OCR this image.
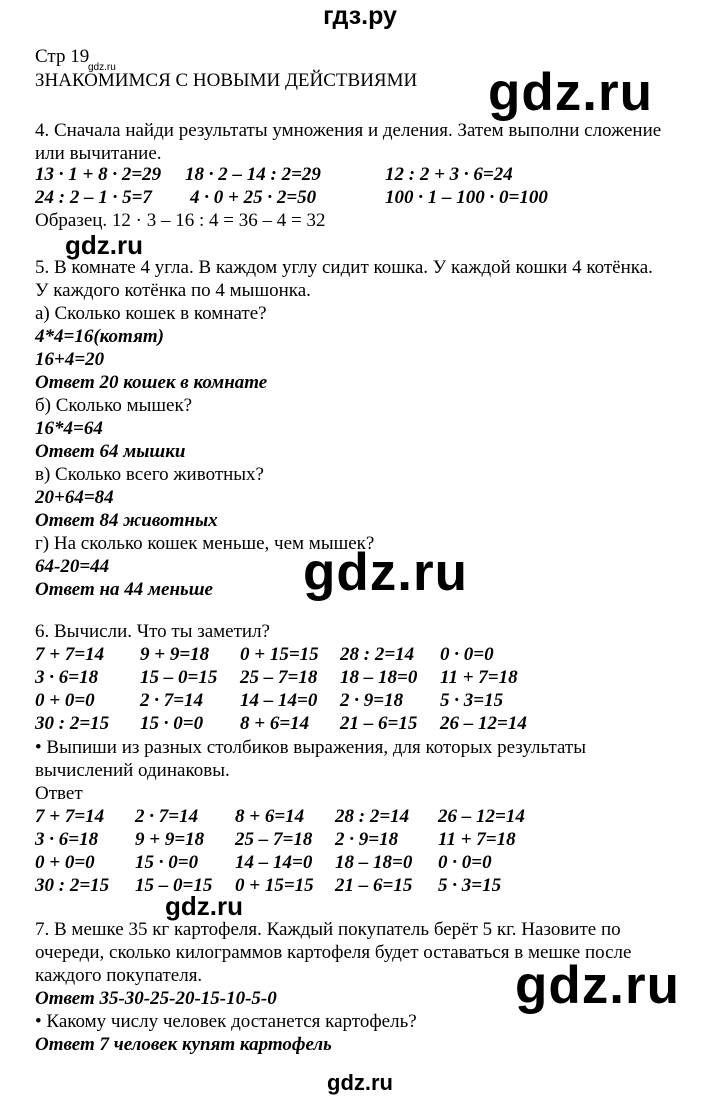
гдз.ру
Стр 19
gdz.ru
ЗНАКОМИМСЯ С НОВЫМИ ДЕЙСТВИЯМИ gdz.ru
4. Сначала найди результаты умножения и деления. Затем выполни сложение
или вычитание.
13 · 1 + 8 · 2=29 18 · 2 – 14 : 2=29	12 : 2 + 3 · 6=24
24 : 2 – 1 · 5=7 4 · 0 + 25 · 2=50	100 · 1 – 100 · 0=100
Образец. 12 · 3 – 16 : 4 = 36 – 4 = 32
gdz.ru
5. В комнате 4 угла. В каждом углу сидит кошка. У каждой кошки 4 котёнка.
У каждого котёнка по 4 мышонка.
а) Сколько кошек в комнате?
4*4=16(котят)
16+4=20
Ответ 20 кошек в комнате
б) Сколько мышек?
16*4=64
Ответ 64 мышки
в) Сколько всего животных?
20+64=84
Ответ 84 животных
г) На сколько кошек меньше, чем мышек?
64-20=44
Ответ на 44 меньше gdz.ru
6. Вычисли. Что ты заметил?
7 + 7=14 9 + 9=18 0 + 15=15 28 : 2=14 0 · 0=0
3 · 6=18 15 – 0=15 25 – 7=18 18 – 18=0 11 + 7=18
0 + 0=0 2 · 7=14 14 – 14=0 2 · 9=18 5 · 3=15
30 : 2=15 15 · 0=0 8 + 6=14 21 – 6=15 26 – 12=14
• Выпиши из разных столбиков выражения, для которых результаты
вычислений одинаковы.
Ответ
7 + 7=14 2 · 7=14 8 + 6=14 28 : 2=14 26 – 12=14
3 · 6=18 9 + 9=18 25 – 7=18 2 · 9=18 11 + 7=18
0 + 0=0 15 · 0=0 14 – 14=0 18 – 18=0 0 · 0=0
30 : 2=15 15 – 0=15 0 + 15=15 21 – 6=15 5 · 3=15
gdz.ru
7. В мешке 35 кг картофеля. Каждый покупатель берёт 5 кг. Назовите по
очереди, сколько килограммов картофеля будет оставаться в мешке после
каждого покупателя.
Ответ 35-30-25-20-15-10-5-0
• Какому числу человек достанется картофель?
Ответ 7 человек купят картофель
gdz.ru
gdz.ru
